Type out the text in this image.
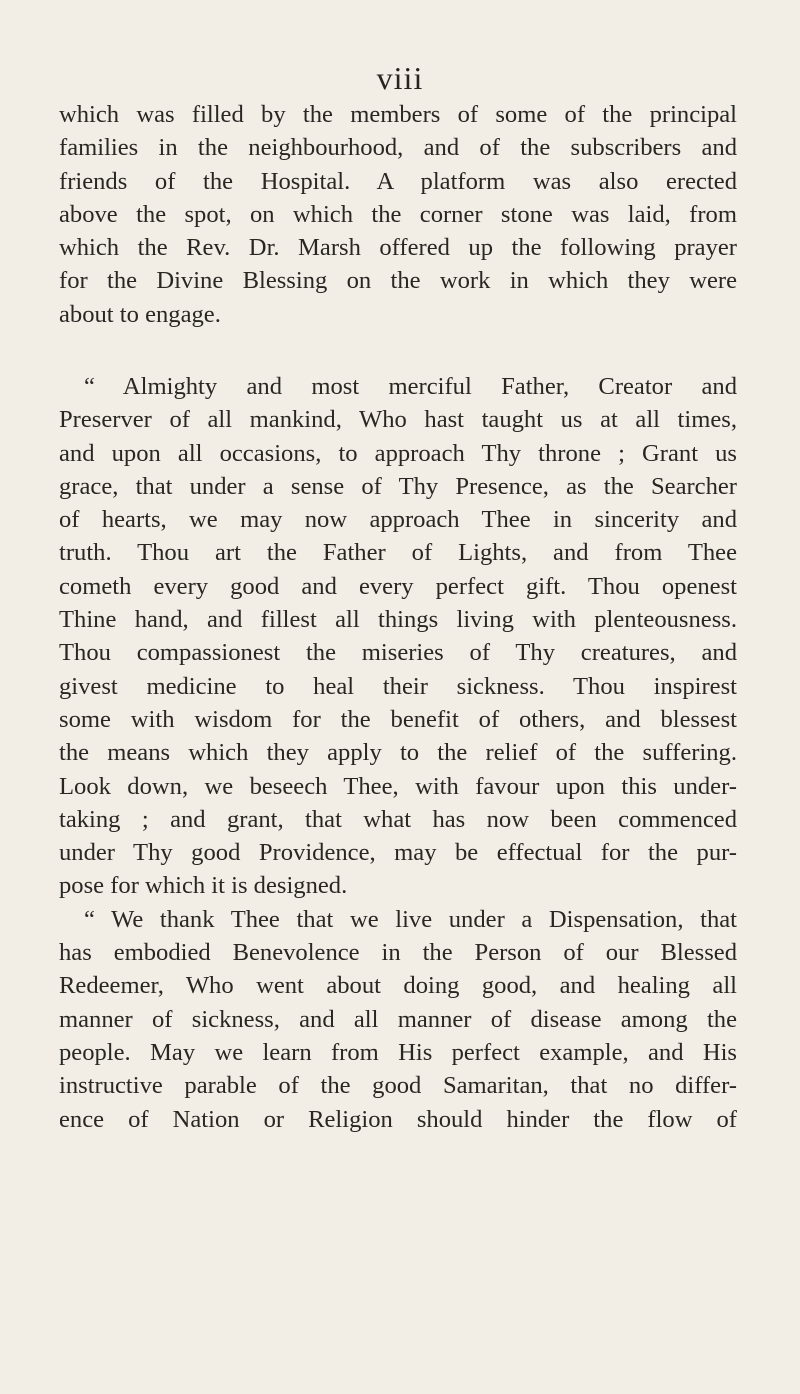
viii
which was filled by the members of some of the principal
families in the neighbourhood, and of the subscribers and
friends of the Hospital. A platform was also erected
above the spot, on which the corner stone was laid, from
which the Rev. Dr. Marsh offered up the following prayer
for the Divine Blessing on the work in which they were
about to engage.
“ Almighty and most merciful Father, Creator and
Preserver of all mankind, Who hast taught us at all times,
and upon all occasions, to approach Thy throne ; Grant us
grace, that under a sense of Thy Presence, as the Searcher
of hearts, we may now approach Thee in sincerity and
truth. Thou art the Father of Lights, and from Thee
cometh every good and every perfect gift. Thou openest
Thine hand, and fillest all things living with plenteousness.
Thou compassionest the miseries of Thy creatures, and
givest medicine to heal their sickness. Thou inspirest
some with wisdom for the benefit of others, and blessest
the means which they apply to the relief of the suffering.
Look down, we beseech Thee, with favour upon this under-
taking ; and grant, that what has now been commenced
under Thy good Providence, may be effectual for the pur-
pose for which it is designed.
“ We thank Thee that we live under a Dispensation, that
has embodied Benevolence in the Person of our Blessed
Redeemer, Who went about doing good, and healing all
manner of sickness, and all manner of disease among the
people. May we learn from His perfect example, and His
instructive parable of the good Samaritan, that no differ-
ence of Nation or Religion should hinder the flow of
